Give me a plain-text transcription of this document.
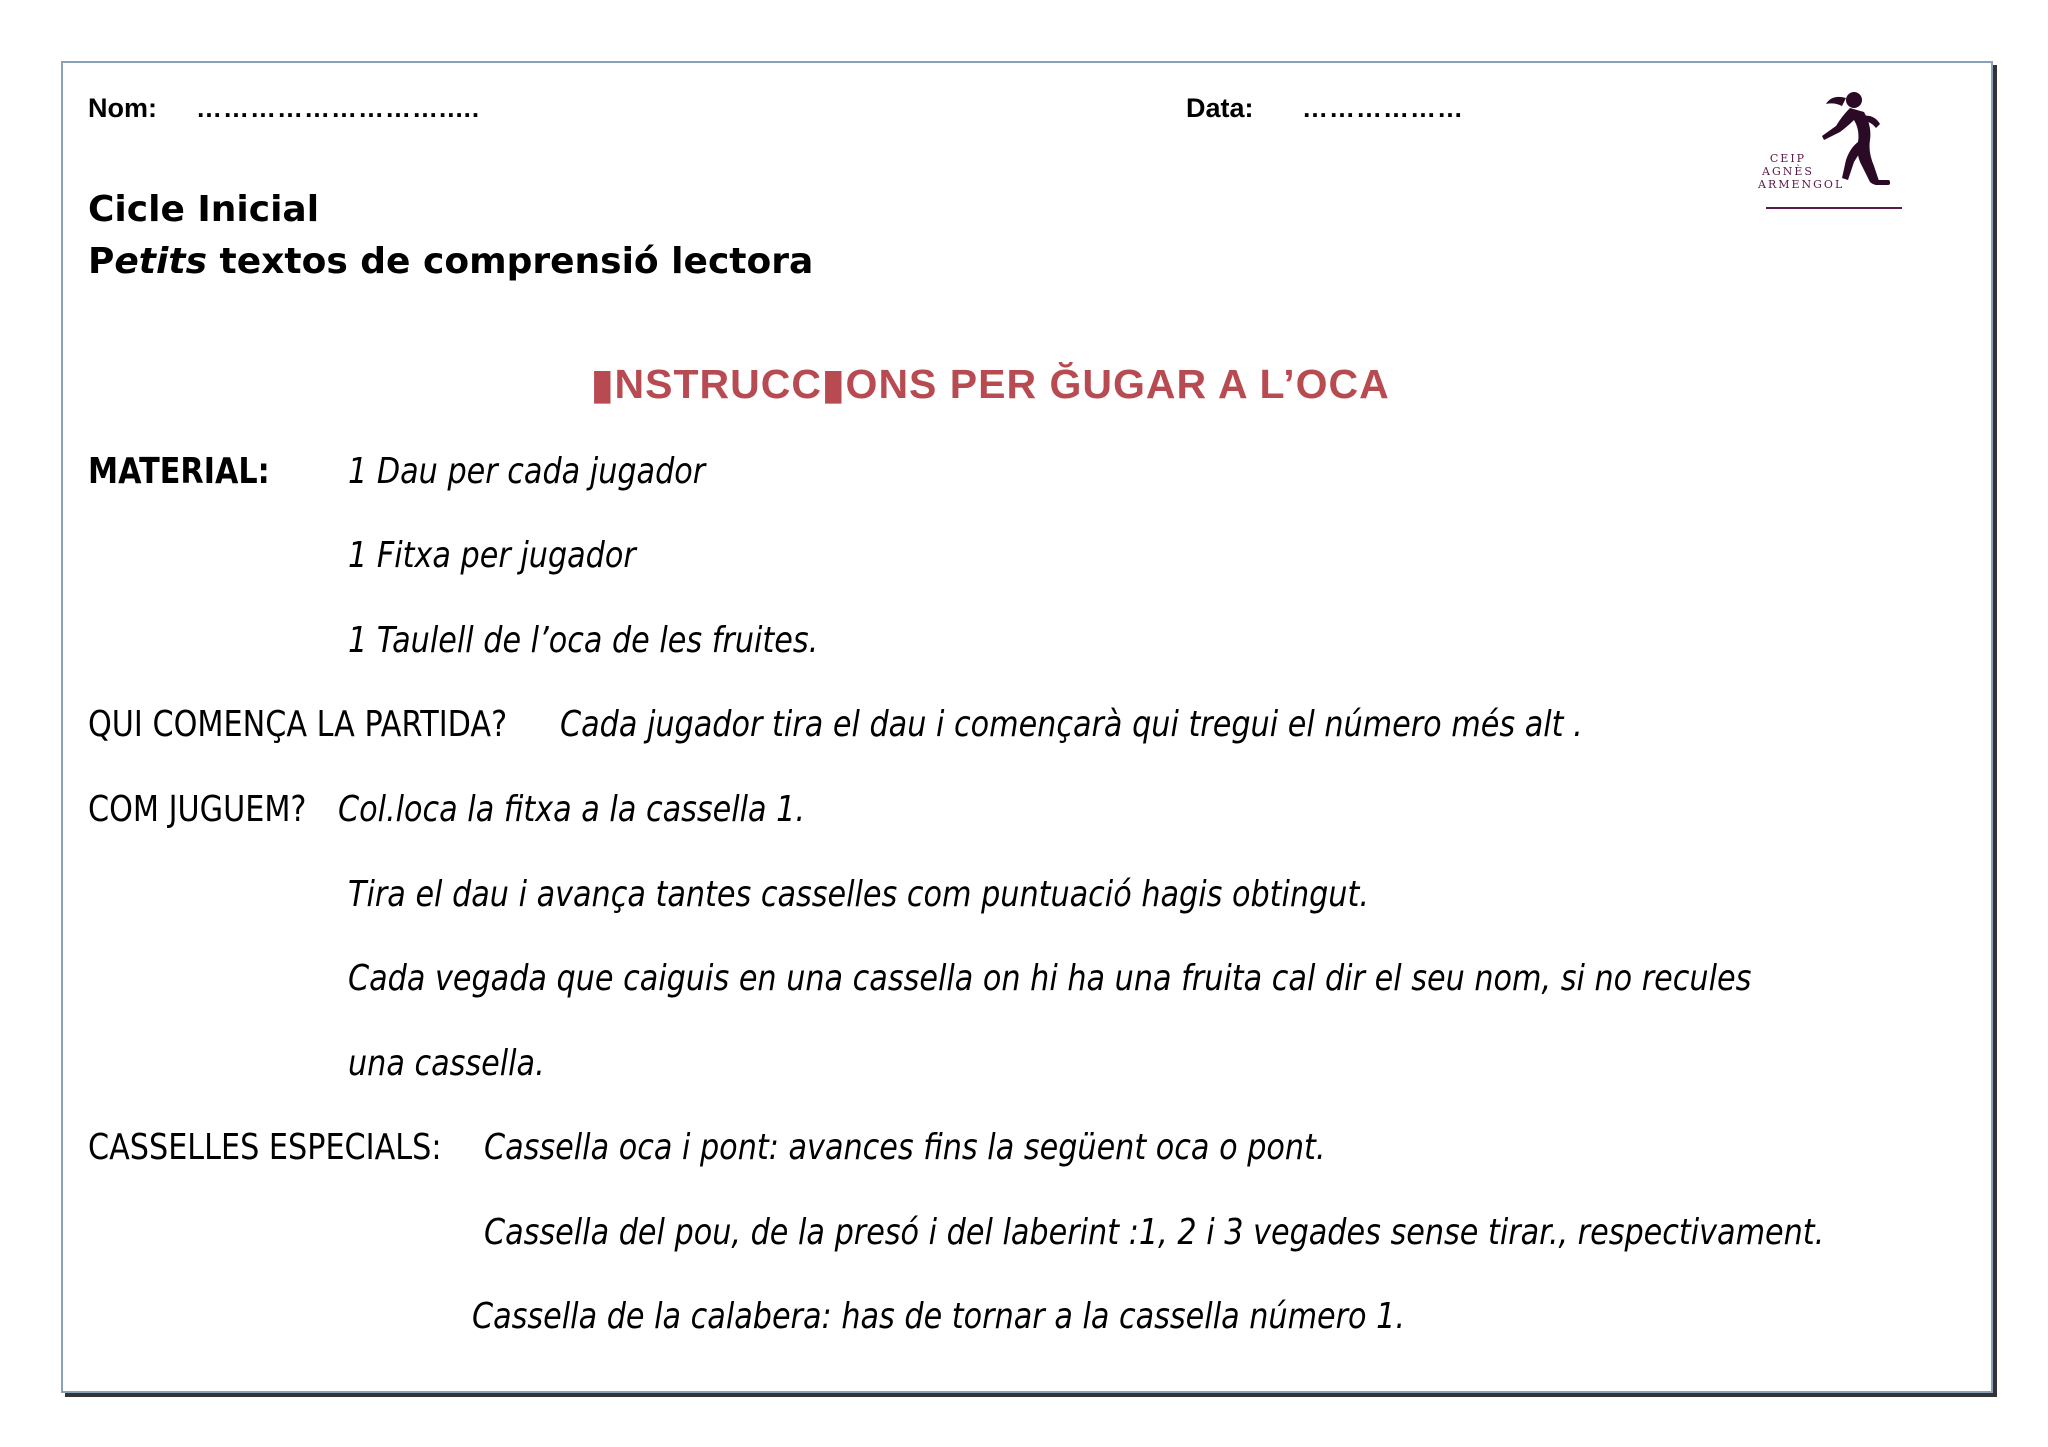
Nom: ……………………….....	Data: ………………
CEIP
AGNÈS
ARMENGOL
Cicle Inicial
Petits textos de comprensió lectora
▮NSTRUCC▮ONS PER ĞUGAR A L’OCA
MATERIAL: 1 Dau per cada jugador
1 Fitxa per jugador
1 Taulell de l’oca de les fruites.
QUI COMENÇA LA PARTIDA? Cada jugador tira el dau i començarà qui tregui el número més alt .
COM JUGUEM? Col.loca la fitxa a la cassella 1.
Tira el dau i avança tantes casselles com puntuació hagis obtingut.
Cada vegada que caiguis en una cassella on hi ha una fruita cal dir el seu nom, si no recules
una cassella.
CASSELLES ESPECIALS: Cassella oca i pont: avances fins la següent oca o pont.
Cassella del pou, de la presó i del laberint :1, 2 i 3 vegades sense tirar., respectivament.
Cassella de la calabera: has de tornar a la cassella número 1.
